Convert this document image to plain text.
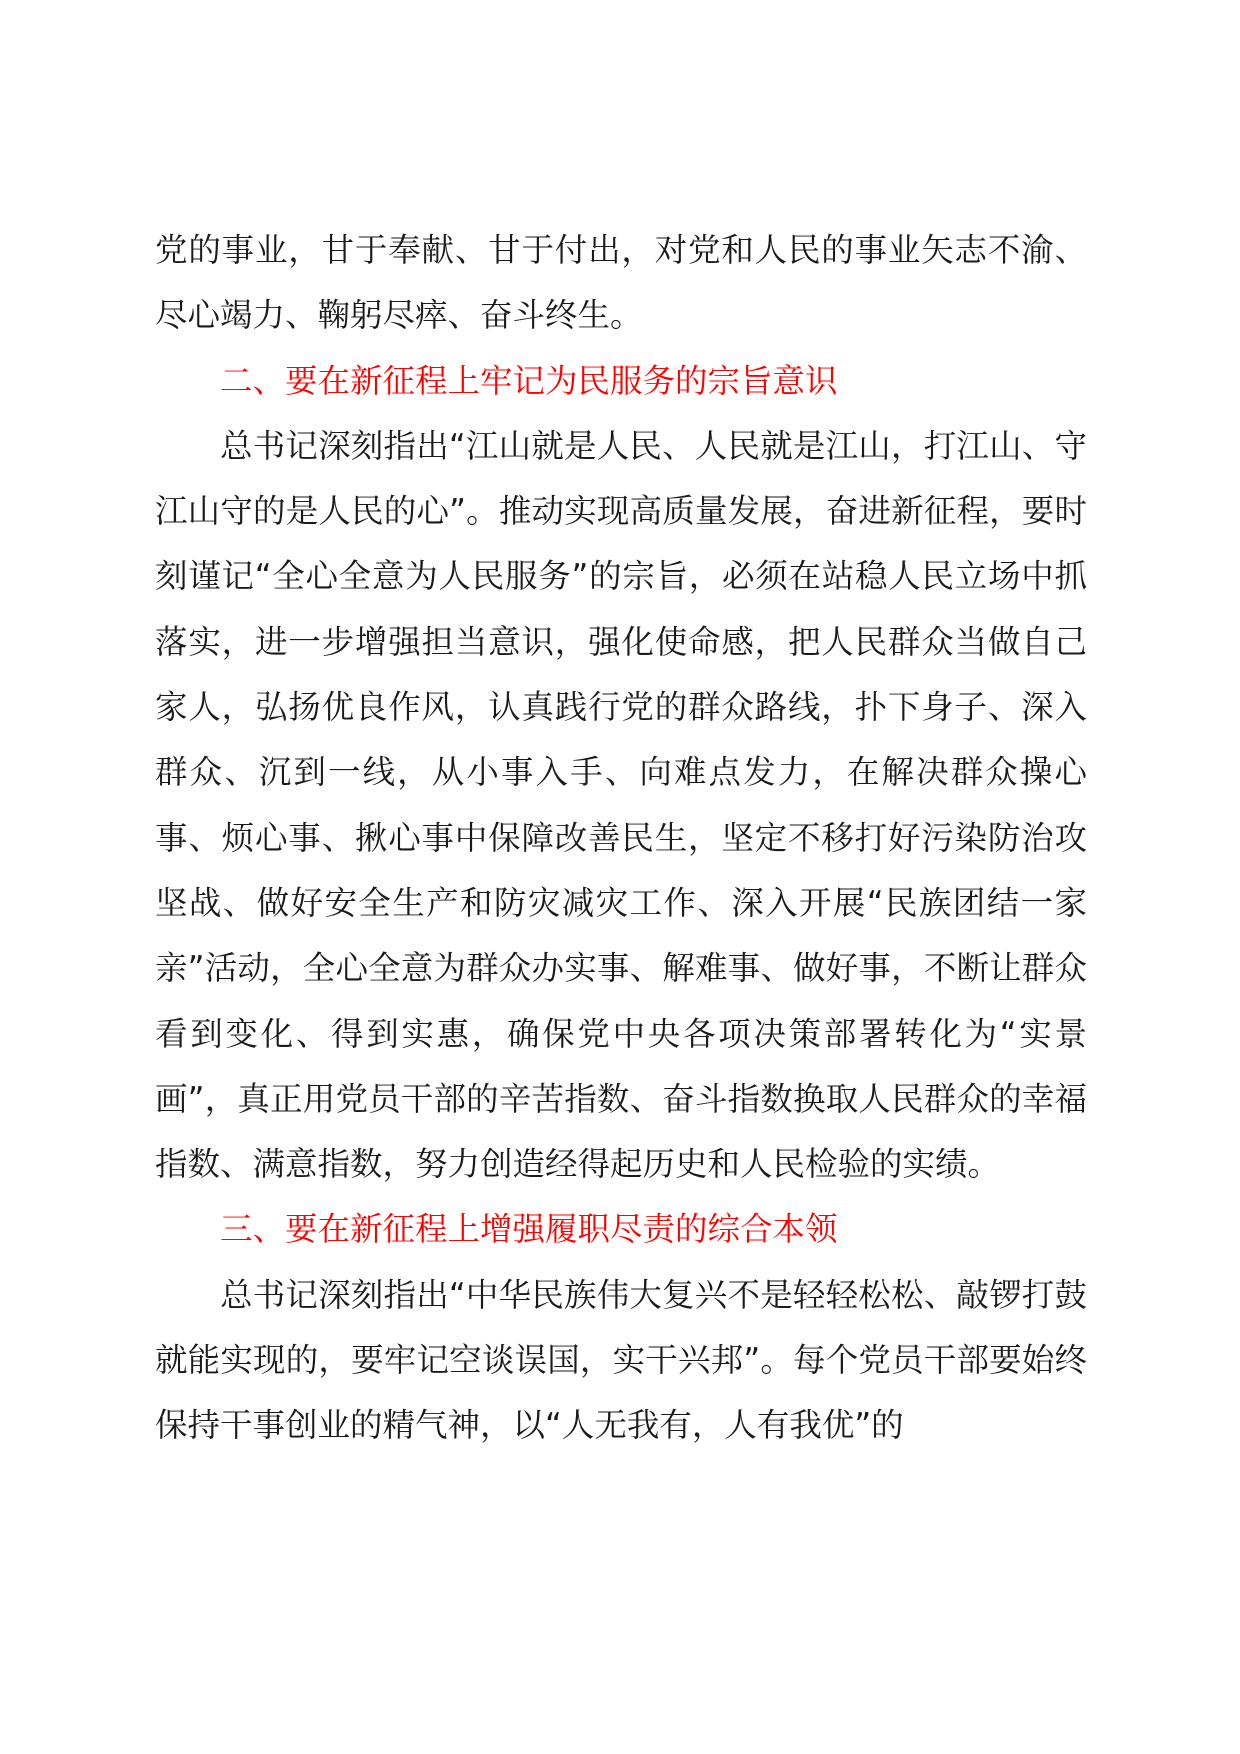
党的事业，甘于奉献、甘于付出，对党和人民的事业矢志不渝、尽心竭力、鞠躬尽瘁、奋斗终生。

二、要在新征程上牢记为民服务的宗旨意识

总书记深刻指出“江山就是人民、人民就是江山，打江山、守江山守的是人民的心”。推动实现高质量发展，奋进新征程，要时刻谨记“全心全意为人民服务”的宗旨，必须在站稳人民立场中抓落实，进一步增强担当意识，强化使命感，把人民群众当做自己家人，弘扬优良作风，认真践行党的群众路线，扑下身子、深入群众、沉到一线，从小事入手、向难点发力，在解决群众操心事、烦心事、揪心事中保障改善民生，坚定不移打好污染防治攻坚战、做好安全生产和防灾减灾工作、深入开展“民族团结一家亲”活动，全心全意为群众办实事、解难事、做好事，不断让群众看到变化、得到实惠，确保党中央各项决策部署转化为“实景画”，真正用党员干部的辛苦指数、奋斗指数换取人民群众的幸福指数、满意指数，努力创造经得起历史和人民检验的实绩。

三、要在新征程上增强履职尽责的综合本领

总书记深刻指出“中华民族伟大复兴不是轻轻松松、敲锣打鼓就能实现的，要牢记空谈误国，实干兴邦”。每个党员干部要始终保持干事创业的精气神，以“人无我有，人有我优”的
